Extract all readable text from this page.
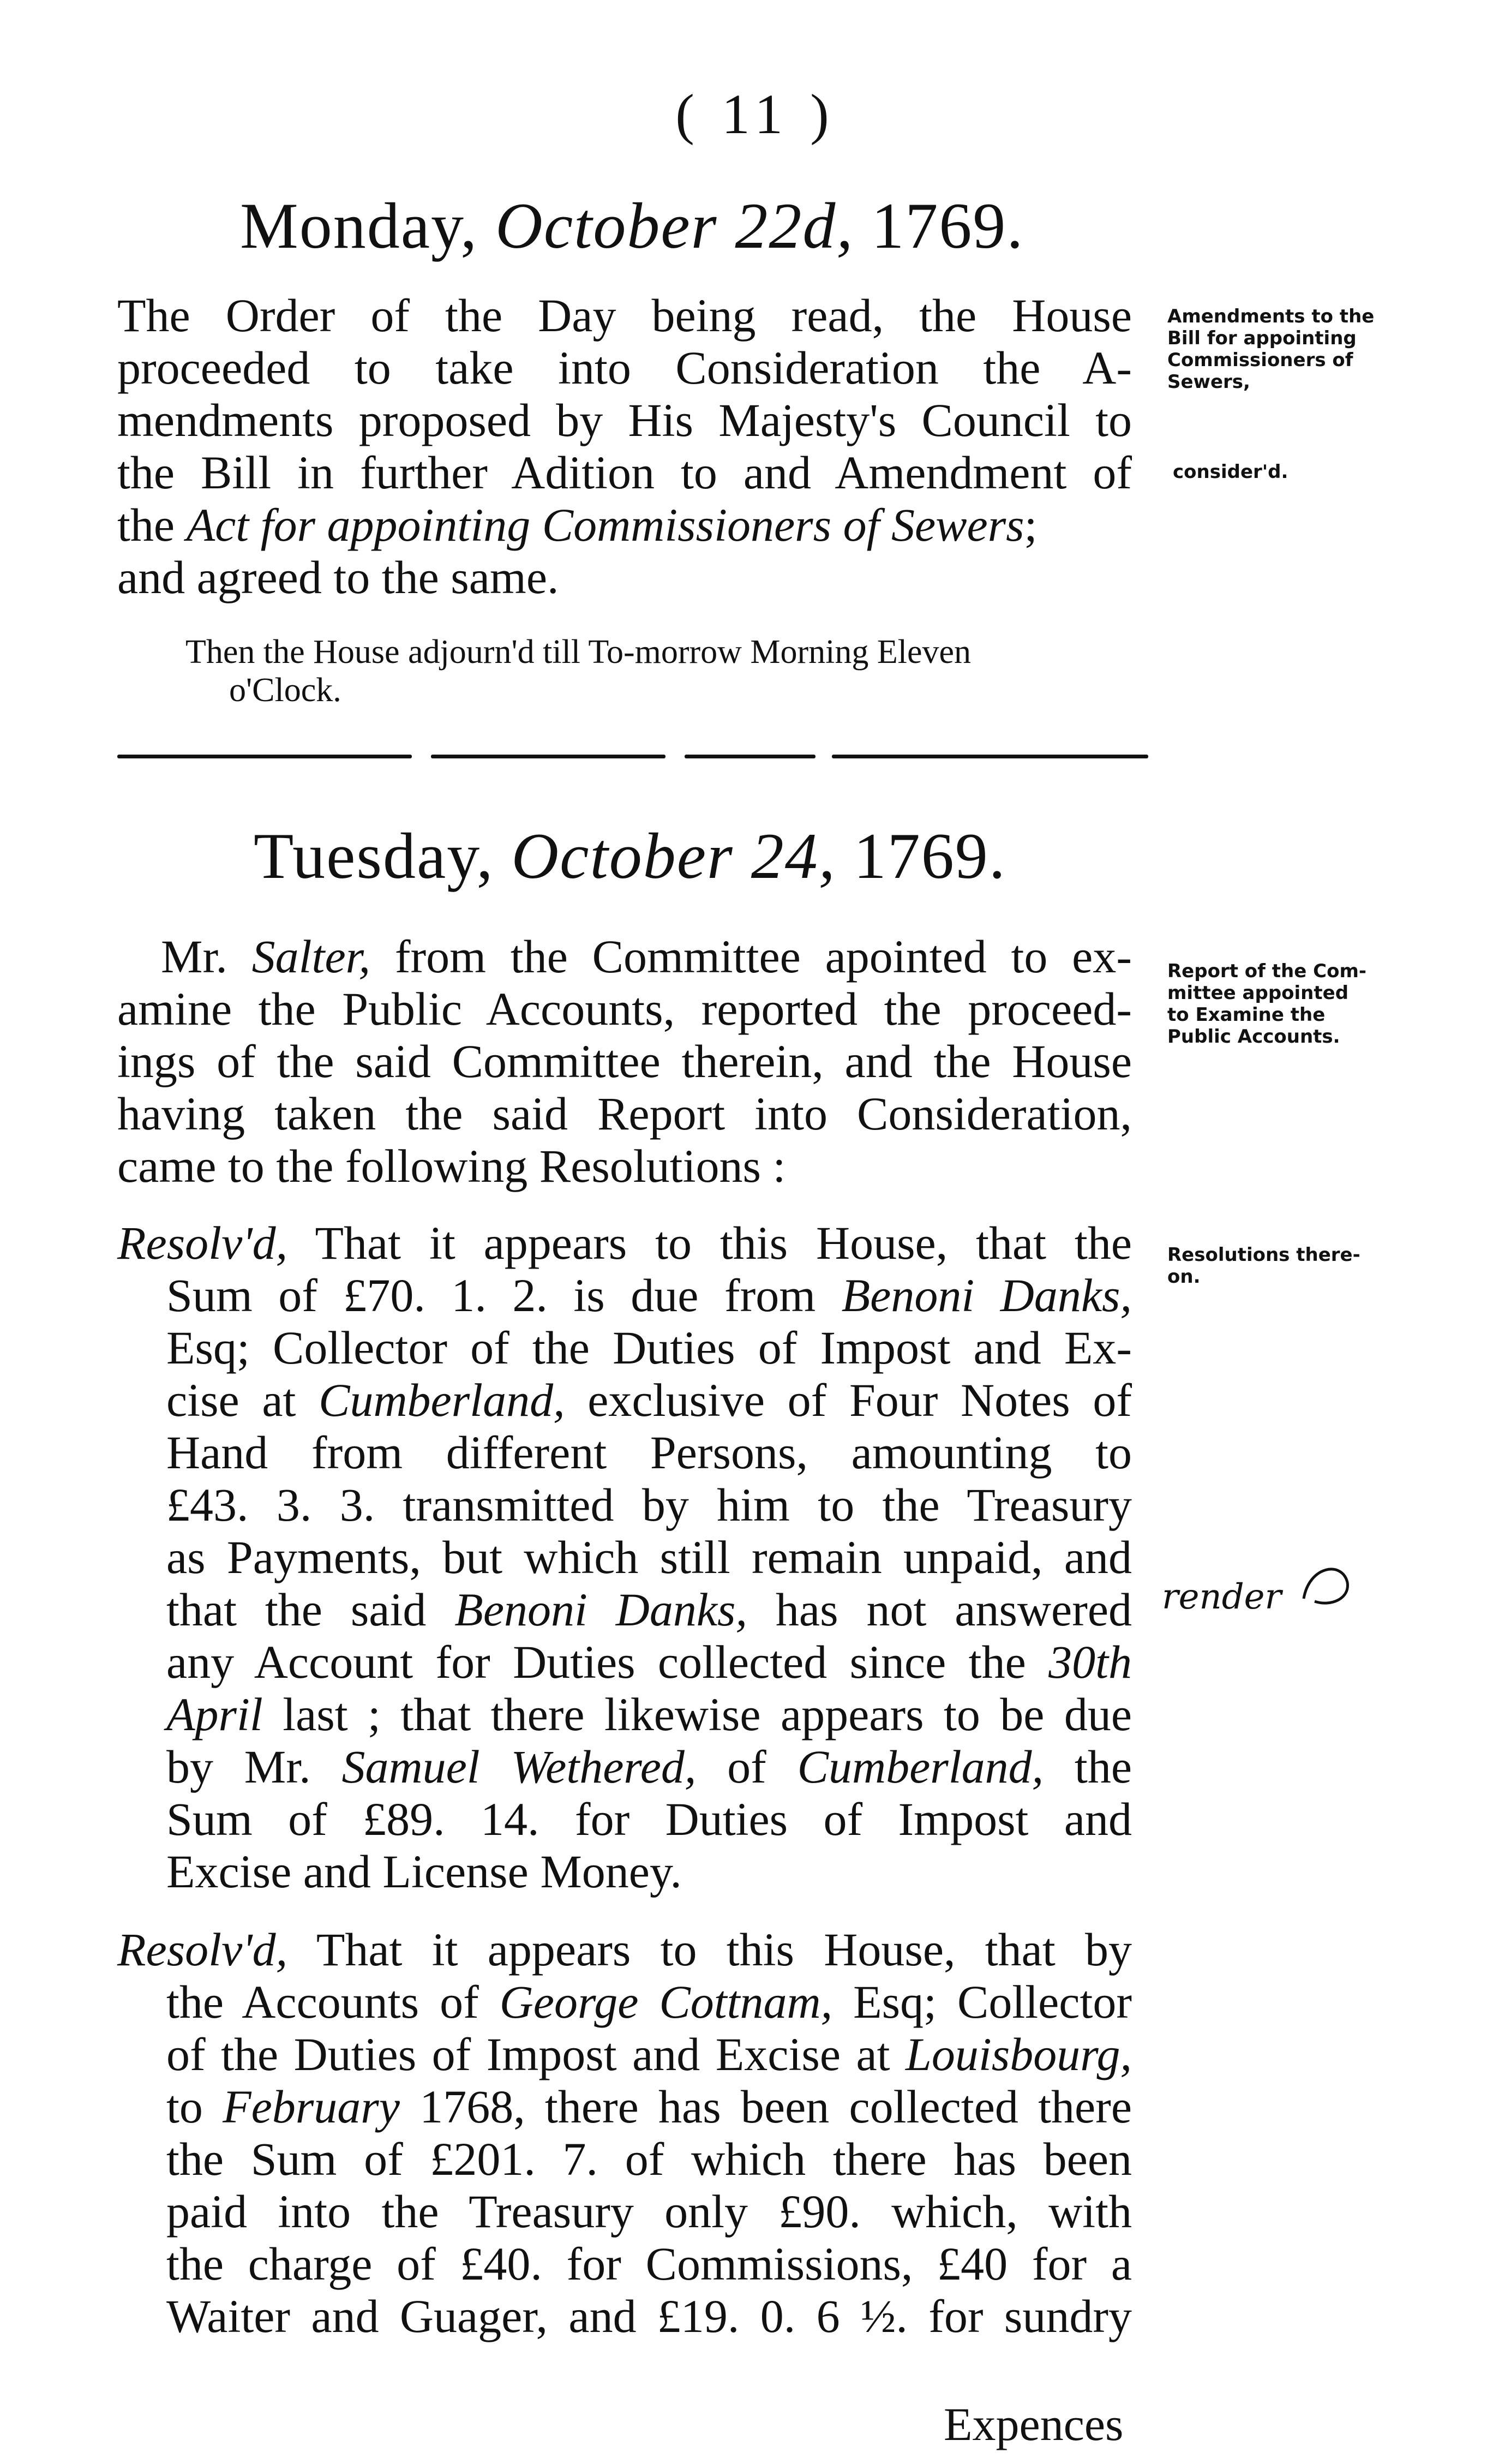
( 11 )
Monday, October 22d, 1769.
The Order of the Day being read, the House
proceeded to take into Consideration the A-
mendments proposed by His Majesty's Council to
the Bill in further Adition to and Amendment of
the Act for appointing Commissioners of Sewers;
and agreed to the same.
Then the House adjourn'd till To-morrow Morning Eleven
o'Clock.
Amendments to the
Bill for appointing
Commissioners of
Sewers,
consider'd.
Tuesday, October 24, 1769.
Mr. Salter, from the Committee apointed to ex-
amine the Public Accounts, reported the proceed-
ings of the said Committee therein, and the House
having taken the said Report into Consideration,
came to the following Resolutions :
Report of the Com-
mittee appointed
to Examine the
Public Accounts.
Resolutions there-
on.
Resolv'd, That it appears to this House, that the
Sum of £70. 1. 2. is due from Benoni Danks,
Esq; Collector of the Duties of Impost and Ex-
cise at Cumberland, exclusive of Four Notes of
Hand from different Persons, amounting to
£43. 3. 3. transmitted by him to the Treasury
as Payments, but which still remain unpaid, and
that the said Benoni Danks, has not answered
any Account for Duties collected since the 30th
April last ; that there likewise appears to be due
by Mr. Samuel Wethered, of Cumberland, the
Sum of £89. 14. for Duties of Impost and
Excise and License Money.
render
Resolv'd, That it appears to this House, that by
the Accounts of George Cottnam, Esq; Collector
of the Duties of Impost and Excise at Louisbourg,
to February 1768, there has been collected there
the Sum of £201. 7. of which there has been
paid into the Treasury only £90. which, with
the charge of £40. for Commissions, £40 for a
Waiter and Guager, and £19. 0. 6 ½. for sundry
Expences
